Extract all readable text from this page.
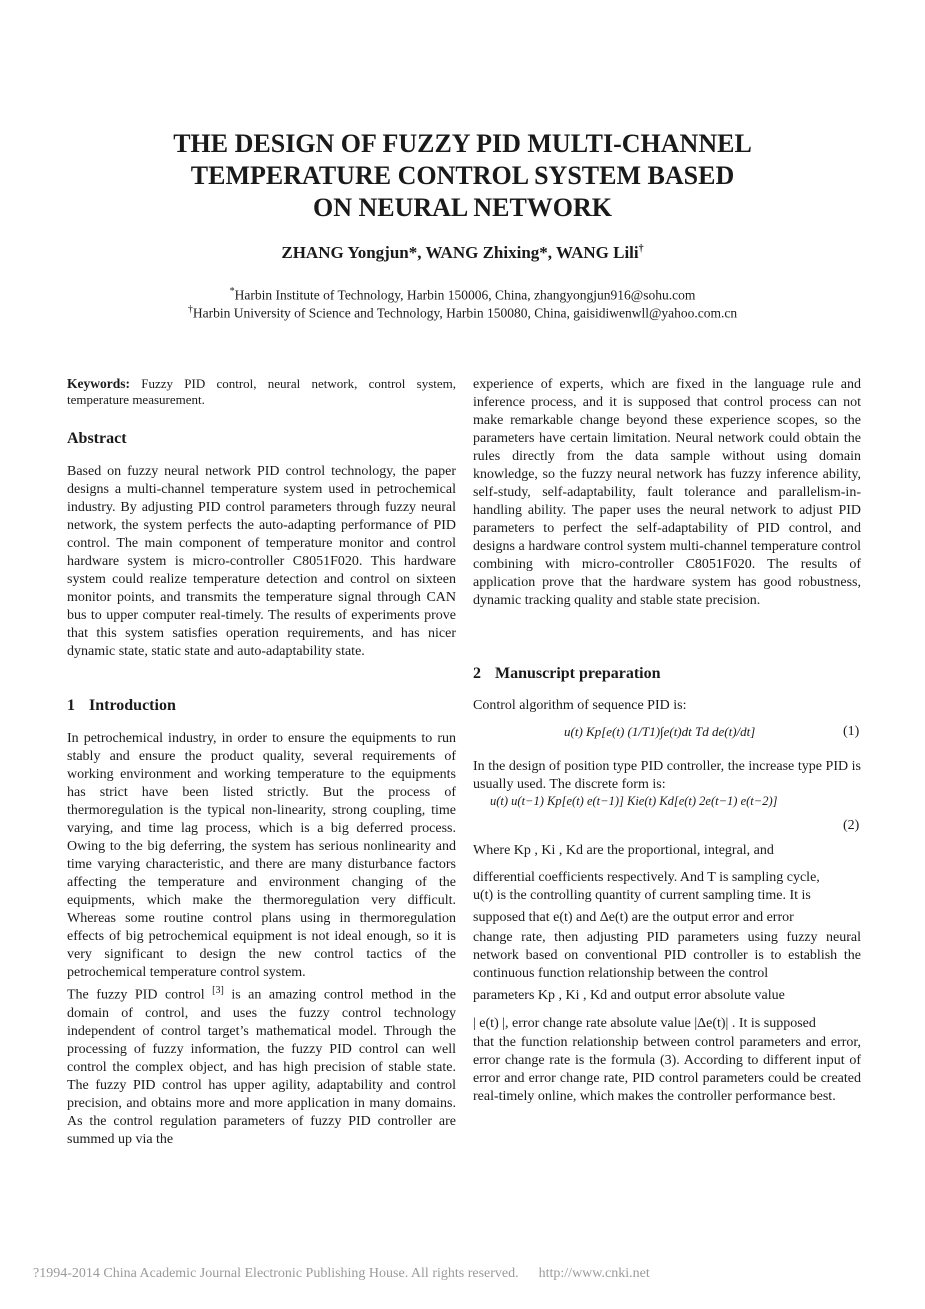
THE DESIGN OF FUZZY PID MULTI-CHANNEL
TEMPERATURE CONTROL SYSTEM BASED
ON NEURAL NETWORK
ZHANG Yongjun*, WANG Zhixing*, WANG Lili†
*Harbin Institute of Technology, Harbin 150006, China, zhangyongjun916@sohu.com
†Harbin University of Science and Technology, Harbin 150080, China, gaisidiwenwll@yahoo.com.cn
Keywords: Fuzzy PID control, neural network, control system, temperature measurement.
Abstract

Based on fuzzy neural network PID control technology, the paper designs a multi-channel temperature system used in petrochemical industry. By adjusting PID control parameters through fuzzy neural network, the system perfects the auto-adapting performance of PID control. The main component of temperature monitor and control hardware system is micro-controller C8051F020. This hardware system could realize temperature detection and control on sixteen monitor points, and transmits the temperature signal through CAN bus to upper computer real-timely. The results of experiments prove that this system satisfies operation requirements, and has nicer dynamic state, static state and auto-adaptability state.

1 Introduction

In petrochemical industry, in order to ensure the equipments to run stably and ensure the product quality, several requirements of working environment and working temperature to the equipments has strict have been listed strictly. But the process of thermoregulation is the typical non-linearity, strong coupling, time varying, and time lag process, which is a big deferred process. Owing to the big deferring, the system has serious nonlinearity and time varying characteristic, and there are many disturbance factors affecting the temperature and environment changing of the equipments, which make the thermoregulation very difficult. Whereas some routine control plans using in thermoregulation effects of big petrochemical equipment is not ideal enough, so it is very significant to design the new control tactics of the petrochemical temperature control system.

The fuzzy PID control [3] is an amazing control method in the domain of control, and uses the fuzzy control technology independent of control target’s mathematical model. Through the processing of fuzzy information, the fuzzy PID control can well control the complex object, and has high precision of stable state. The fuzzy PID control has upper agility, adaptability and control precision, and obtains more and more application in many domains. As the control regulation parameters of fuzzy PID controller are summed up via the

experience of experts, which are fixed in the language rule and inference process, and it is supposed that control process can not make remarkable change beyond these experience scopes, so the parameters have certain limitation. Neural network could obtain the rules directly from the data sample without using domain knowledge, so the fuzzy neural network has fuzzy inference ability, self-study, self-adaptability, fault tolerance and parallelism-in-handling ability. The paper uses the neural network to adjust PID parameters to perfect the self-adaptability of PID control, and designs a hardware control system multi-channel temperature control combining with micro-controller C8051F020. The results of application prove that the hardware system has good robustness, dynamic tracking quality and stable state precision.

2 Manuscript preparation
Control algorithm of sequence PID is:
u(t) Kp[e(t) (1/T1)∫e(t)dt Td de(t)/dt]	(1)
In the design of position type PID controller, the increase type PID is usually used. The discrete form is:
u(t) u(t−1) Kp[e(t) e(t−1)] Kie(t) Kd[e(t) 2e(t−1) e(t−2)]
(2)
Where Kp , Ki , Kd are the proportional, integral, and
differential coefficients respectively. And T is sampling cycle,
u(t) is the controlling quantity of current sampling time. It is
supposed that e(t) and Δe(t) are the output error and error
change rate, then adjusting PID parameters using fuzzy neural network based on conventional PID controller is to establish the continuous function relationship between the control
parameters Kp , Ki , Kd and output error absolute value
| e(t) |, error change rate absolute value |Δe(t)| . It is supposed
that the function relationship between control parameters and error, error change rate is the formula (3). According to different input of error and error change rate, PID control parameters could be created real-timely online, which makes the controller performance best.
?1994-2014 China Academic Journal Electronic Publishing House. All rights reserved. http://www.cnki.net
